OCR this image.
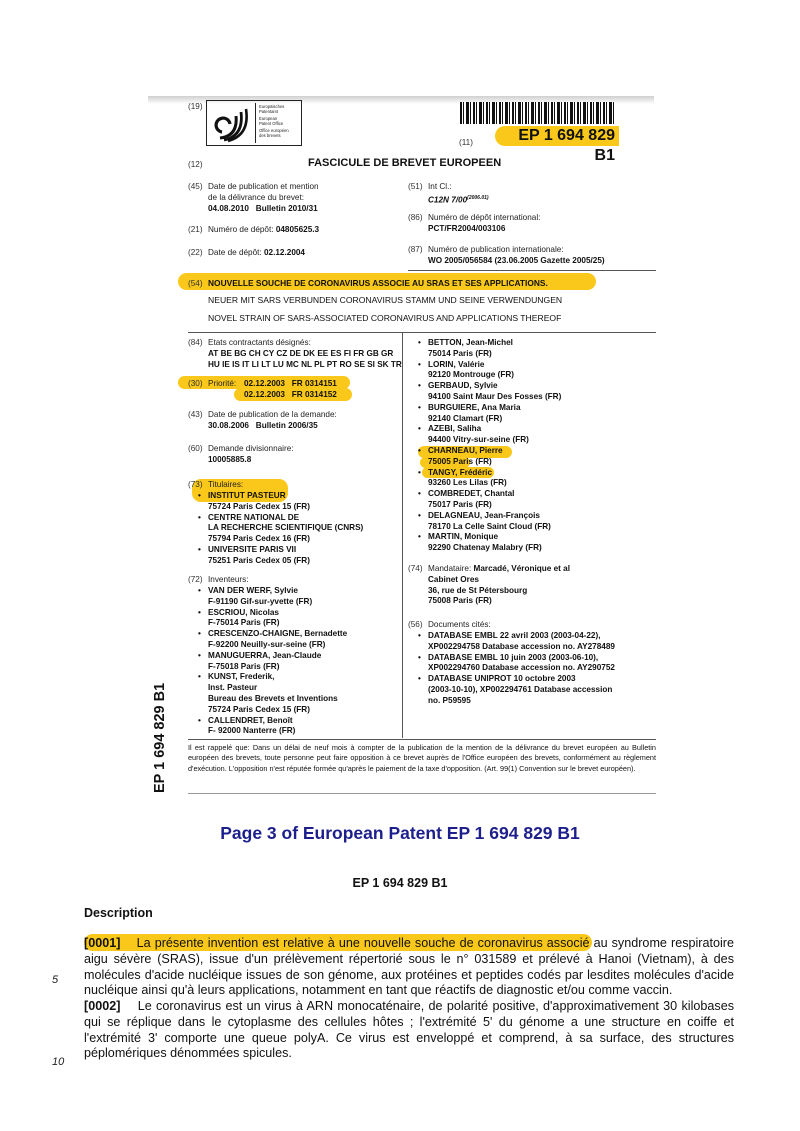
(19)	Europäisches
Patentamt
European
Patent Office
Office européen
des brevets
(11)	EP 1 694 829 B1
(12)	FASCICULE DE BREVET EUROPEEN
(45) Date de publication et mention
de la délivrance du brevet:
04.08.2010   Bulletin 2010/31
(21) Numéro de dépôt: 04805625.3
(22) Date de dépôt: 02.12.2004
(51) Int Cl.:
C12N $7/00^{(2006.01)}$
(86) Numéro de dépôt international:
PCT/FR2004/003106
(87) Numéro de publication internationale:
WO 2005/056584 (23.06.2005 Gazette 2005/25)
(54) NOUVELLE SOUCHE DE CORONAVIRUS ASSOCIE AU SRAS ET SES APPLICATIONS.
NEUER MIT SARS VERBUNDEN CORONAVIRUS STAMM UND SEINE VERWENDUNGEN
NOVEL STRAIN OF SARS-ASSOCIATED CORONAVIRUS AND APPLICATIONS THEREOF
(84) Etats contractants désignés:
AT BE BG CH CY CZ DE DK EE ES FI FR GB GR
HU IE IS IT LI LT LU MC NL PL PT RO SE SI SK TR
(30) Priorité: 02.12.2003   FR 0314151
02.12.2003   FR 0314152
(43) Date de publication de la demande:
30.08.2006   Bulletin 2006/35
(60) Demande divisionnaire:
10005885.8
(73) Titulaires:
• INSTITUT PASTEUR
75724 Paris Cedex 15 (FR)
• CENTRE NATIONAL DE
LA RECHERCHE SCIENTIFIQUE (CNRS)
75794 Paris Cedex 16 (FR)
• UNIVERSITE PARIS VII
75251 Paris Cedex 05 (FR)
(72) Inventeurs:
• VAN DER WERF, Sylvie
F-91190 Gif-sur-yvette (FR)
• ESCRIOU, Nicolas
F-75014 Paris (FR)
• CRESCENZO-CHAIGNE, Bernadette
F-92200 Neuilly-sur-seine (FR)
• MANUGUERRA, Jean-Claude
F-75018 Paris (FR)
• KUNST, Frederik,
Inst. Pasteur
Bureau des Brevets et Inventions
75724 Paris Cedex 15 (FR)
• CALLENDRET, Benoît
F- 92000 Nanterre (FR)
• BETTON, Jean-Michel
75014 Paris (FR)
• LORIN, Valérie
92120 Montrouge (FR)
• GERBAUD, Sylvie
94100 Saint Maur Des Fosses (FR)
• BURGUIERE, Ana Maria
92140 Clamart (FR)
• AZEBI, Saliha
94400 Vitry-sur-seine (FR)
• CHARNEAU, Pierre
75005 Paris (FR)
• TANGY, Frédéric
93260 Les Lilas (FR)
• COMBREDET, Chantal
75017 Paris (FR)
• DELAGNEAU, Jean-François
78170 La Celle Saint Cloud (FR)
• MARTIN, Monique
92290 Chatenay Malabry (FR)
(74) Mandataire: Marcadé, Véronique et al
Cabinet Ores
36, rue de St Pétersbourg
75008 Paris (FR)
(56) Documents cités:
• DATABASE EMBL 22 avril 2003 (2003-04-22),
XP002294758 Database accession no. AY278489
• DATABASE EMBL 10 juin 2003 (2003-06-10),
XP002294760 Database accession no. AY290752
• DATABASE UNIPROT 10 octobre 2003
(2003-10-10), XP002294761 Database accession
no. P59595
Il est rappelé que: Dans un délai de neuf mois à compter de la publication de la mention de la délivrance du brevet européen au Bulletin européen des brevets, toute personne peut faire opposition à ce brevet auprès de l'Office européen des brevets, conformément au règlement d'exécution. L'opposition n'est réputée formée qu'après le paiement de la taxe d'opposition. (Art. 99(1) Convention sur le brevet européen).
EP 1 694 829 B1
Page 3 of European Patent EP 1 694 829 B1
EP 1 694 829 B1
Description
5
10
[0001] La présente invention est relative à une nouvelle souche de coronavirus associé au syndrome respiratoire aigu sévère (SRAS), issue d'un prélèvement répertorié sous le n° 031589 et prélevé à Hanoi (Vietnam), à des molécules d'acide nucléique issues de son génome, aux protéines et peptides codés par lesdites molécules d'acide nucléique ainsi qu'à leurs applications, notamment en tant que réactifs de diagnostic et/ou comme vaccin.
[0002] Le coronavirus est un virus à ARN monocaténaire, de polarité positive, d'approximativement 30 kilobases qui se réplique dans le cytoplasme des cellules hôtes ; l'extrémité 5' du génome a une structure en coiffe et l'extrémité 3' comporte une queue polyA. Ce virus est enveloppé et comprend, à sa surface, des structures péplomériques dénommées spicules.
